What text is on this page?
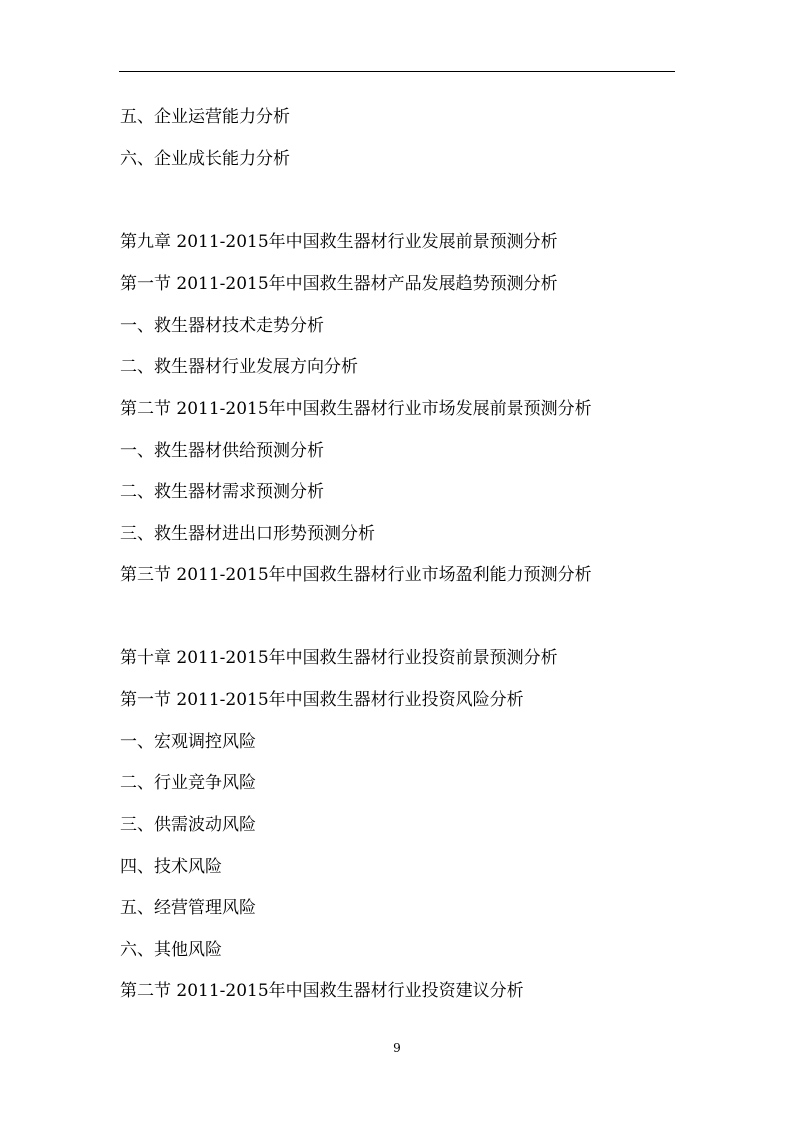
五、企业运营能力分析
六、企业成长能力分析
第九章 2011-2015年中国救生器材行业发展前景预测分析
第一节 2011-2015年中国救生器材产品发展趋势预测分析
一、救生器材技术走势分析
二、救生器材行业发展方向分析
第二节 2011-2015年中国救生器材行业市场发展前景预测分析
一、救生器材供给预测分析
二、救生器材需求预测分析
三、救生器材进出口形势预测分析
第三节 2011-2015年中国救生器材行业市场盈利能力预测分析
第十章 2011-2015年中国救生器材行业投资前景预测分析
第一节 2011-2015年中国救生器材行业投资风险分析
一、宏观调控风险
二、行业竞争风险
三、供需波动风险
四、技术风险
五、经营管理风险
六、其他风险
第二节 2011-2015年中国救生器材行业投资建议分析
9
